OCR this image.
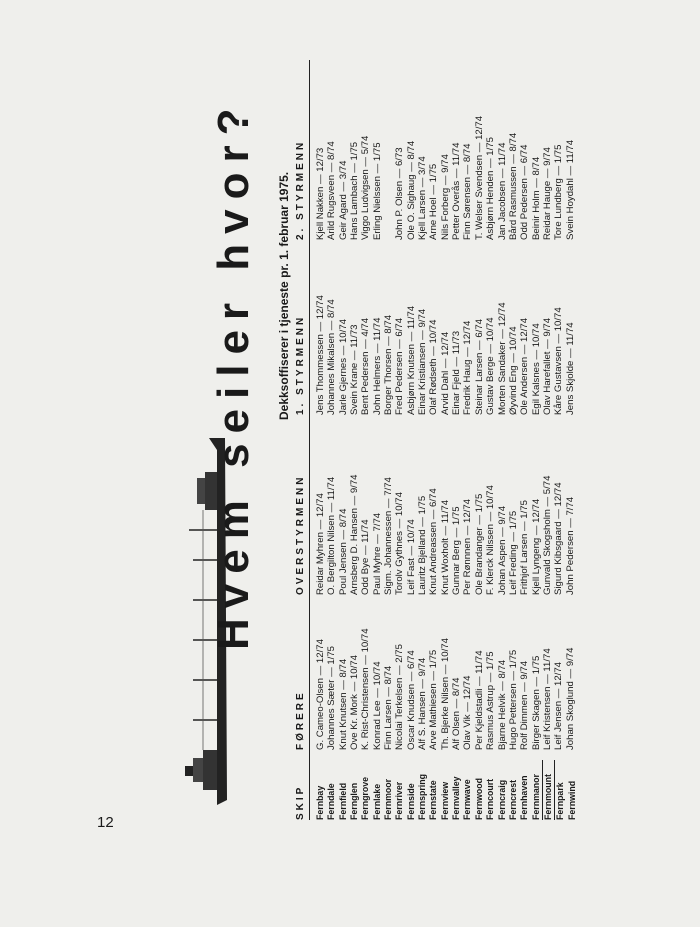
12
Hvem seiler hvor? Dekksoffiserer i tjeneste pr. 1. februar 1975.
SKIP
FØRERE
OVERSTYRMENN
1. STYRMENN
2. STYRMENN
Fernbay Ferndale Fernfield Fernglen Ferngrove Fernlake Fernmoor Fernriver Fernside Fernspring Fernstate Fernview Fernvalley Fernwave Fernwood Ferncourt Ferncraig Ferncrest Fernhaven Fernmanor Fernmount Fernpark Fernwind
G. Cameo-Olsen — 12/74 Johannes Sæter — 1/75 Knut Knutsen — 8/74 Ove Kr. Mork — 10/74 K. Rist-Christensen — 10/74 Konrad Lee — 10/74 Finn Larsen — 8/74 Nicolai Terkelsen — 2/75 Oscar Knudsen — 6/74 Alf S. Hansen — 9/74 Arve Mathiesen — 1/75 Th. Bjerke Nilsen — 10/74 Alf Olsen — 8/74 Olav Vik — 12/74 Per Kjeldstadli — 11/74 Rasmus Astrup — 1/75 Bjarne Helvik — 8/74 Hugo Pettersen — 1/75 Rolf Dimmen — 9/74 Birger Skagen — 1/75 Leif Kristensen — 11/74 Leif Jensen — 12/74 Johan Skoglund — 9/74
Reidar Myhren — 12/74 O. Bergilton Nilsen — 11/74 Poul Jensen — 8/74 Arnsberg D. Hansen — 9/74 Odd Bye — 11/74 Paul Myhre — 7/74 Sigm. Johannessen — 7/74 Torolv Gythnes — 10/74 Leif Fast — 10/74 Lauritz Bjelland — 1/75 Knut Andreassen — 6/74 Knut Woxholt — 11/74 Gunnar Berg — 1/75 Per Rønnnen — 12/74 Ole Brandanger — 1/75 F. Klerck Nilssen — 10/74 Johan Aspen — 9/74 Leif Freding — 1/75 Frithjof Larsen — 1/75 Kjell Lyngeng — 12/74 Gunvald Skogsholm — 5/74 Sigurd Kibsgaard — 12/74 John Pedersen — 7/74
Jens Thommessen — 12/74 Johannes Mikalsen — 8/74 Jarle Gjernes — 10/74 Svein Krane — 11/73 Bent Pedersen — 4/74 John Helmers — 11/74 Borger Thorsen — 8/74 Fred Pedersen — 6/74 Asbjørn Knutsen — 11/74 Einar Kristiansen — 9/74 Olaf Rødseth — 10/74 Arvid Dahl — 12/74 Einar Fjeld — 11/73 Fredrik Haug — 12/74 Steinar Larsen — 6/74 Gustav Berge — 10/74 Morten Sandaker — 12/74 Øyvind Eng — 10/74 Ole Andersen — 12/74 Egil Kalsnes — 10/74 Olav Harefallet — 9/74 Kåre Gustavsen — 10/74 Jens Skjolde — 11/74
Kjell Nakken — 12/73 Arild Rugsveen — 8/74 Geir Agard — 3/74 Hans Lambach — 1/75 Viggo Ludvigsen — 5/74 Erling Nielssen — 1/75 John P. Olsen — 6/73 Ole O. Sighaug — 8/74 Kjell Larsen — 3/74 Arne Hoel — 1/75 Nils Forberg — 9/74 Petter Overås — 11/74 Finn Sørensen — 8/74 T. Welser Svendsen — 12/74 Asbjørn Henden — 1/75 Jan Jacobsen — 11/74 Bård Rasmussen — 8/74 Odd Pedersen — 6/74 Beinir Holm — 8/74 Reidar Hauge — 9/74 Tore Lundberg — 1/75 Svein Hoydahl — 11/74
